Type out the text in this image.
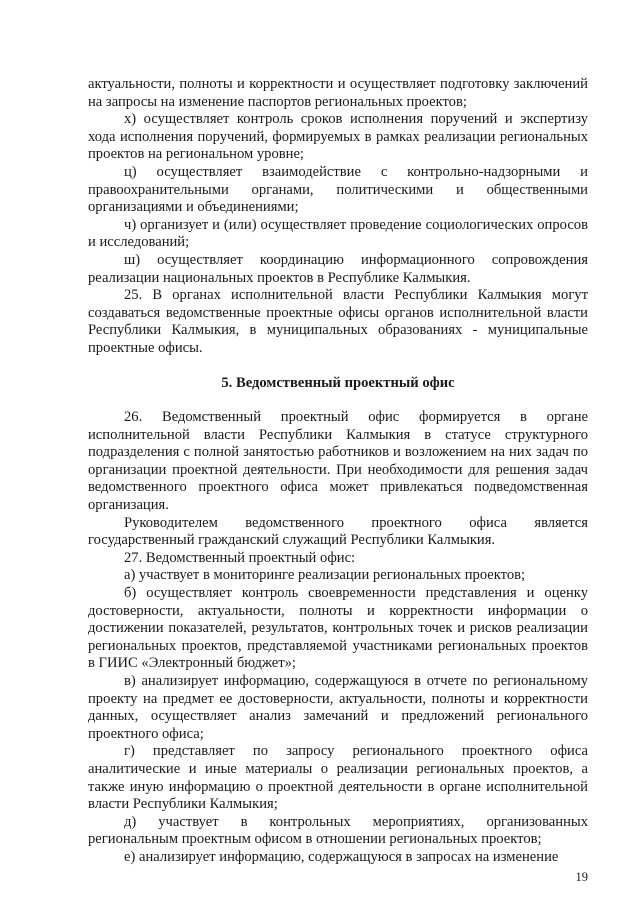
актуальности, полноты и корректности и осуществляет подготовку заключений на запросы на изменение паспортов региональных проектов;

х) осуществляет контроль сроков исполнения поручений и экспертизу хода исполнения поручений, формируемых в рамках реализации региональных проектов на региональном уровне;

ц) осуществляет взаимодействие с контрольно-надзорными и правоохранительными органами, политическими и общественными организациями и объединениями;

ч) организует и (или) осуществляет проведение социологических опросов и исследований;

ш) осуществляет координацию информационного сопровождения реализации национальных проектов в Республике Калмыкия.

25. В органах исполнительной власти Республики Калмыкия могут создаваться ведомственные проектные офисы органов исполнительной власти Республики Калмыкия, в муниципальных образованиях - муниципальные проектные офисы.

5. Ведомственный проектный офис

26. Ведомственный проектный офис формируется в органе исполнительной власти Республики Калмыкия в статусе структурного подразделения с полной занятостью работников и возложением на них задач по организации проектной деятельности. При необходимости для решения задач ведомственного проектного офиса может привлекаться подведомственная организация.

Руководителем ведомственного проектного офиса является государственный гражданский служащий Республики Калмыкия.

27. Ведомственный проектный офис:

а) участвует в мониторинге реализации региональных проектов;

б) осуществляет контроль своевременности представления и оценку достоверности, актуальности, полноты и корректности информации о достижении показателей, результатов, контрольных точек и рисков реализации региональных проектов, представляемой участниками региональных проектов в ГИИС «Электронный бюджет»;

в) анализирует информацию, содержащуюся в отчете по региональному проекту на предмет ее достоверности, актуальности, полноты и корректности данных, осуществляет анализ замечаний и предложений регионального проектного офиса;

г) представляет по запросу регионального проектного офиса аналитические и иные материалы о реализации региональных проектов, а также иную информацию о проектной деятельности в органе исполнительной власти Республики Калмыкия;

д) участвует в контрольных мероприятиях, организованных региональным проектным офисом в отношении региональных проектов;

е) анализирует информацию, содержащуюся в запросах на изменение

19
